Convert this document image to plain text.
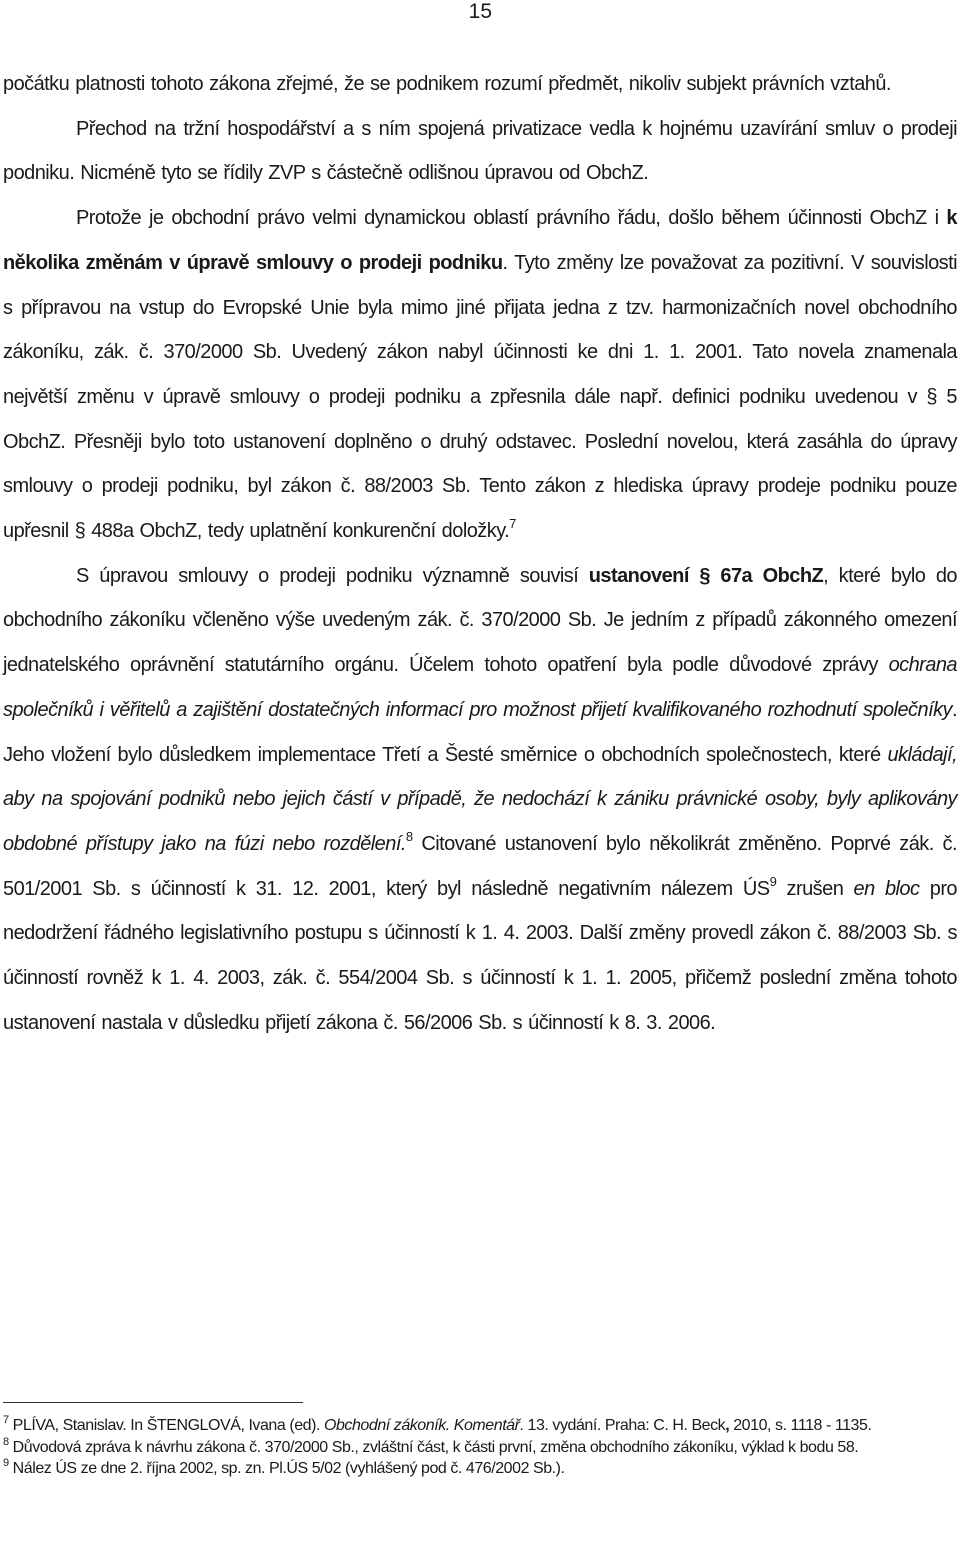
15

počátku platnosti tohoto zákona zřejmé, že se podnikem rozumí předmět, nikoliv subjekt právních vztahů.

Přechod na tržní hospodářství a s ním spojená privatizace vedla k hojnému uzavírání smluv o prodeji podniku. Nicméně tyto se řídily ZVP s částečně odlišnou úpravou od ObchZ.

Protože je obchodní právo velmi dynamickou oblastí právního řádu, došlo během účinnosti ObchZ i k několika změnám v úpravě smlouvy o prodeji podniku. Tyto změny lze považovat za pozitivní. V souvislosti s přípravou na vstup do Evropské Unie byla mimo jiné přijata jedna z tzv. harmonizačních novel obchodního zákoníku, zák. č. 370/2000 Sb. Uvedený zákon nabyl účinnosti ke dni 1. 1. 2001. Tato novela znamenala největší změnu v úpravě smlouvy o prodeji podniku a zpřesnila dále např. definici podniku uvedenou v § 5 ObchZ. Přesněji bylo toto ustanovení doplněno o druhý odstavec. Poslední novelou, která zasáhla do úpravy smlouvy o prodeji podniku, byl zákon č. 88/2003 Sb. Tento zákon z hlediska úpravy prodeje podniku pouze upřesnil § 488a ObchZ, tedy uplatnění konkurenční doložky.$^7$

S úpravou smlouvy o prodeji podniku významně souvisí ustanovení § 67a ObchZ, které bylo do obchodního zákoníku včleněno výše uvedeným zák. č. 370/2000 Sb. Je jedním z případů zákonného omezení jednatelského oprávnění statutárního orgánu. Účelem tohoto opatření byla podle důvodové zprávy ochrana společníků i věřitelů a zajištění dostatečných informací pro možnost přijetí kvalifikovaného rozhodnutí společníky. Jeho vložení bylo důsledkem implementace Třetí a Šesté směrnice o obchodních společnostech, které ukládají, aby na spojování podniků nebo jejich částí v případě, že nedochází k zániku právnické osoby, byly aplikovány obdobné přístupy jako na fúzi nebo rozdělení.$^8$ Citované ustanovení bylo několikrát změněno. Poprvé zák. č. 501/2001 Sb. s účinností k 31. 12. 2001, který byl následně negativním nálezem $ÚS^9$ zrušen en bloc pro nedodržení řádného legislativního postupu s účinností k 1. 4. 2003. Další změny provedl zákon č. 88/2003 Sb. s účinností rovněž k 1. 4. 2003, zák. č. 554/2004 Sb. s účinností k 1. 1. 2005, přičemž poslední změna tohoto ustanovení nastala v důsledku přijetí zákona č. 56/2006 Sb. s účinností k 8. 3. 2006.

$^7$ PLÍVA, Stanislav. In ŠTENGLOVÁ, Ivana (ed). Obchodní zákoník. Komentář. 13. vydání. Praha: C. H. Beck, 2010, s. 1118 - 1135.

$^8$ Důvodová zpráva k návrhu zákona č. 370/2000 Sb., zvláštní část, k části první, změna obchodního zákoníku, výklad k bodu 58.

$^9$ Nález ÚS ze dne 2. října 2002, sp. zn. Pl.ÚS 5/02 (vyhlášený pod č. 476/2002 Sb.).
